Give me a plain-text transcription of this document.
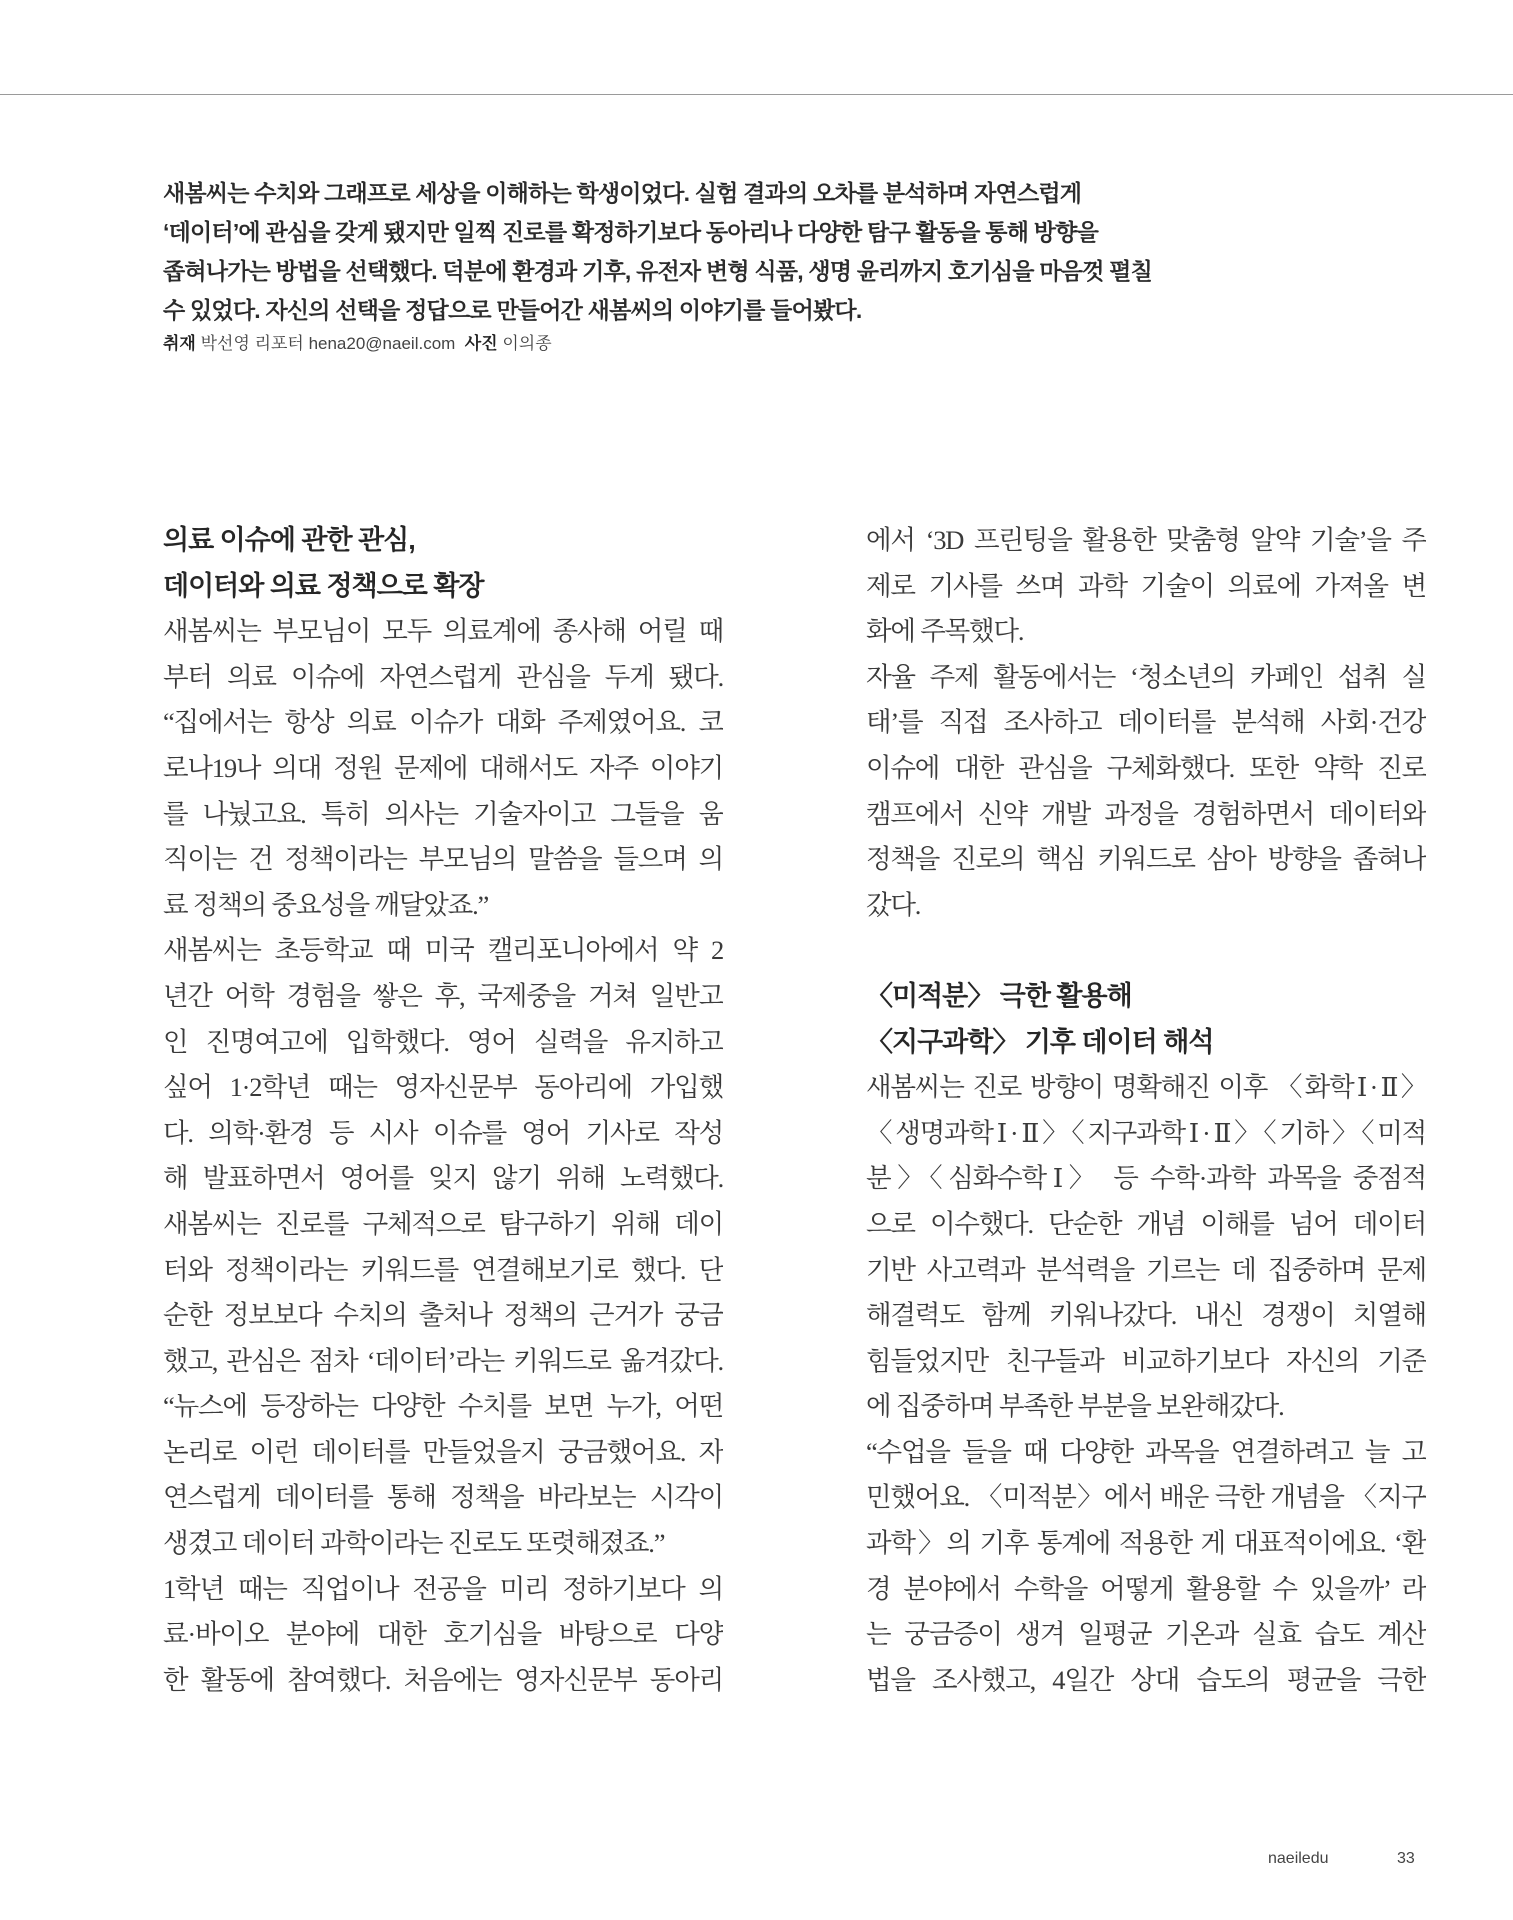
새봄씨는 수치와 그래프로 세상을 이해하는 학생이었다. 실험 결과의 오차를 분석하며 자연스럽게
‘데이터’에 관심을 갖게 됐지만 일찍 진로를 확정하기보다 동아리나 다양한 탐구 활동을 통해 방향을
좁혀나가는 방법을 선택했다. 덕분에 환경과 기후, 유전자 변형 식품, 생명 윤리까지 호기심을 마음껏 펼칠
수 있었다. 자신의 선택을 정답으로 만들어간 새봄씨의 이야기를 들어봤다.
취재 박선영 리포터 hena20@naeil.com 사진 이의종
의료 이슈에 관한 관심,
데이터와 의료 정책으로 확장
새봄씨는 부모님이 모두 의료계에 종사해 어릴 때
부터 의료 이슈에 자연스럽게 관심을 두게 됐다.
“집에서는 항상 의료 이슈가 대화 주제였어요. 코
로나19나 의대 정원 문제에 대해서도 자주 이야기
를 나눴고요. 특히 의사는 기술자이고 그들을 움
직이는 건 정책이라는 부모님의 말씀을 들으며 의
료 정책의 중요성을 깨달았죠.”
새봄씨는 초등학교 때 미국 캘리포니아에서 약 2
년간 어학 경험을 쌓은 후, 국제중을 거쳐 일반고
인 진명여고에 입학했다. 영어 실력을 유지하고
싶어 1·2학년 때는 영자신문부 동아리에 가입했
다. 의학·환경 등 시사 이슈를 영어 기사로 작성
해 발표하면서 영어를 잊지 않기 위해 노력했다.
새봄씨는 진로를 구체적으로 탐구하기 위해 데이
터와 정책이라는 키워드를 연결해보기로 했다. 단
순한 정보보다 수치의 출처나 정책의 근거가 궁금
했고, 관심은 점차 ‘데이터’라는 키워드로 옮겨갔다.
“뉴스에 등장하는 다양한 수치를 보면 누가, 어떤
논리로 이런 데이터를 만들었을지 궁금했어요. 자
연스럽게 데이터를 통해 정책을 바라보는 시각이
생겼고 데이터 과학이라는 진로도 또렷해졌죠.”
1학년 때는 직업이나 전공을 미리 정하기보다 의
료·바이오 분야에 대한 호기심을 바탕으로 다양
한 활동에 참여했다. 처음에는 영자신문부 동아리
에서 ‘3D 프린팅을 활용한 맞춤형 알약 기술’을 주
제로 기사를 쓰며 과학 기술이 의료에 가져올 변
화에 주목했다.
자율 주제 활동에서는 ‘청소년의 카페인 섭취 실
태’를 직접 조사하고 데이터를 분석해 사회·건강
이슈에 대한 관심을 구체화했다. 또한 약학 진로
캠프에서 신약 개발 과정을 경험하면서 데이터와
정책을 진로의 핵심 키워드로 삼아 방향을 좁혀나
갔다.
〈미적분〉 극한 활용해
〈지구과학〉 기후 데이터 해석
새봄씨는 진로 방향이 명확해진 이후 〈화학Ⅰ·Ⅱ〉
〈생명과학Ⅰ·Ⅱ〉〈지구과학Ⅰ·Ⅱ〉〈기하〉〈미적
분〉〈심화수학Ⅰ〉 등 수학·과학 과목을 중점적
으로 이수했다. 단순한 개념 이해를 넘어 데이터
기반 사고력과 분석력을 기르는 데 집중하며 문제
해결력도 함께 키워나갔다. 내신 경쟁이 치열해
힘들었지만 친구들과 비교하기보다 자신의 기준
에 집중하며 부족한 부분을 보완해갔다.
“수업을 들을 때 다양한 과목을 연결하려고 늘 고
민했어요. 〈미적분〉에서 배운 극한 개념을 〈지구
과학〉의 기후 통계에 적용한 게 대표적이에요. ‘환
경 분야에서 수학을 어떻게 활용할 수 있을까’ 라
는 궁금증이 생겨 일평균 기온과 실효 습도 계산
법을 조사했고, 4일간 상대 습도의 평균을 극한
naeiledu	33
